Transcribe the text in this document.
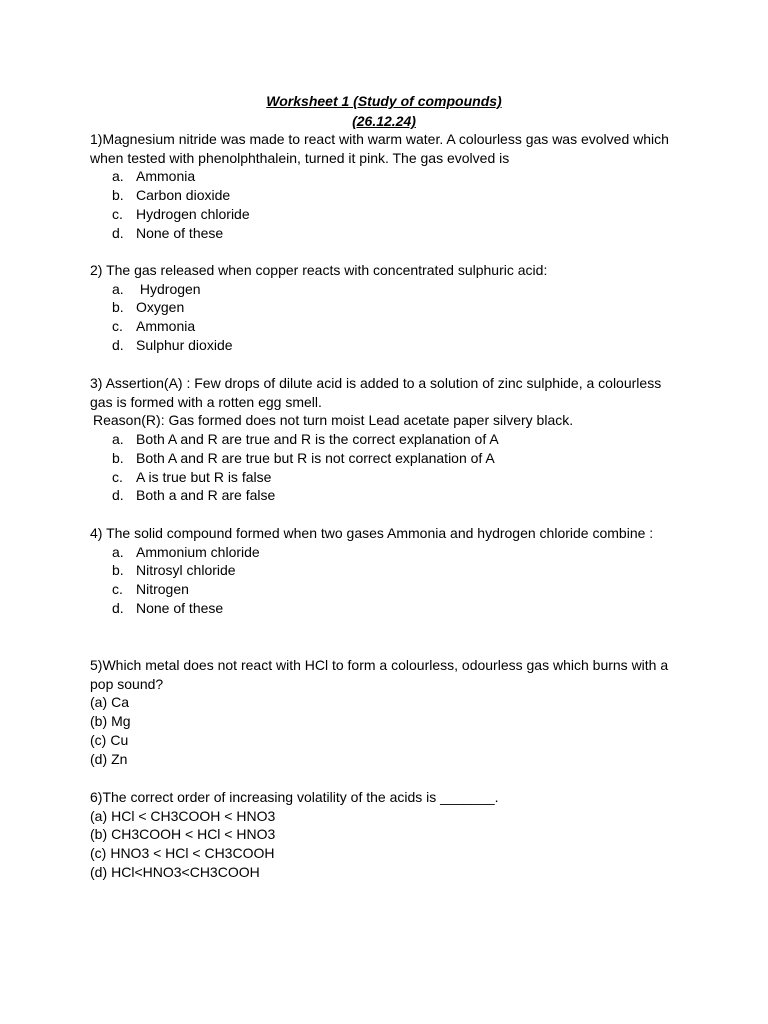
Worksheet 1 (Study of compounds)
(26.12.24)

1)Magnesium nitride was made to react with warm water. A colourless gas was evolved which when tested with phenolphthalein, turned it pink. The gas evolved is

a. Ammonia
b. Carbon dioxide
c. Hydrogen chloride
d. None of these

2) The gas released when copper reacts with concentrated sulphuric acid:

a. Hydrogen
b. Oxygen
c. Ammonia
d. Sulphur dioxide

3) Assertion(A) : Few drops of dilute acid is added to a solution of zinc sulphide, a colourless gas is formed with a rotten egg smell.

Reason(R): Gas formed does not turn moist Lead acetate paper silvery black.

a. Both A and R are true and R is the correct explanation of A
b. Both A and R are true but R is not correct explanation of A
c. A is true but R is false
d. Both a and R are false

4) The solid compound formed when two gases Ammonia and hydrogen chloride combine :

a. Ammonium chloride
b. Nitrosyl chloride
c. Nitrogen
d. None of these

5)Which metal does not react with HCl to form a colourless, odourless gas which burns with a pop sound?

(a) Ca
(b) Mg
(c) Cu
(d) Zn

6)The correct order of increasing volatility of the acids is _______.

(a) HCl < CH3COOH < HNO3
(b) CH3COOH < HCl < HNO3
(c) HNO3 < HCl < CH3COOH
(d) HCl<HNO3<CH3COOH
